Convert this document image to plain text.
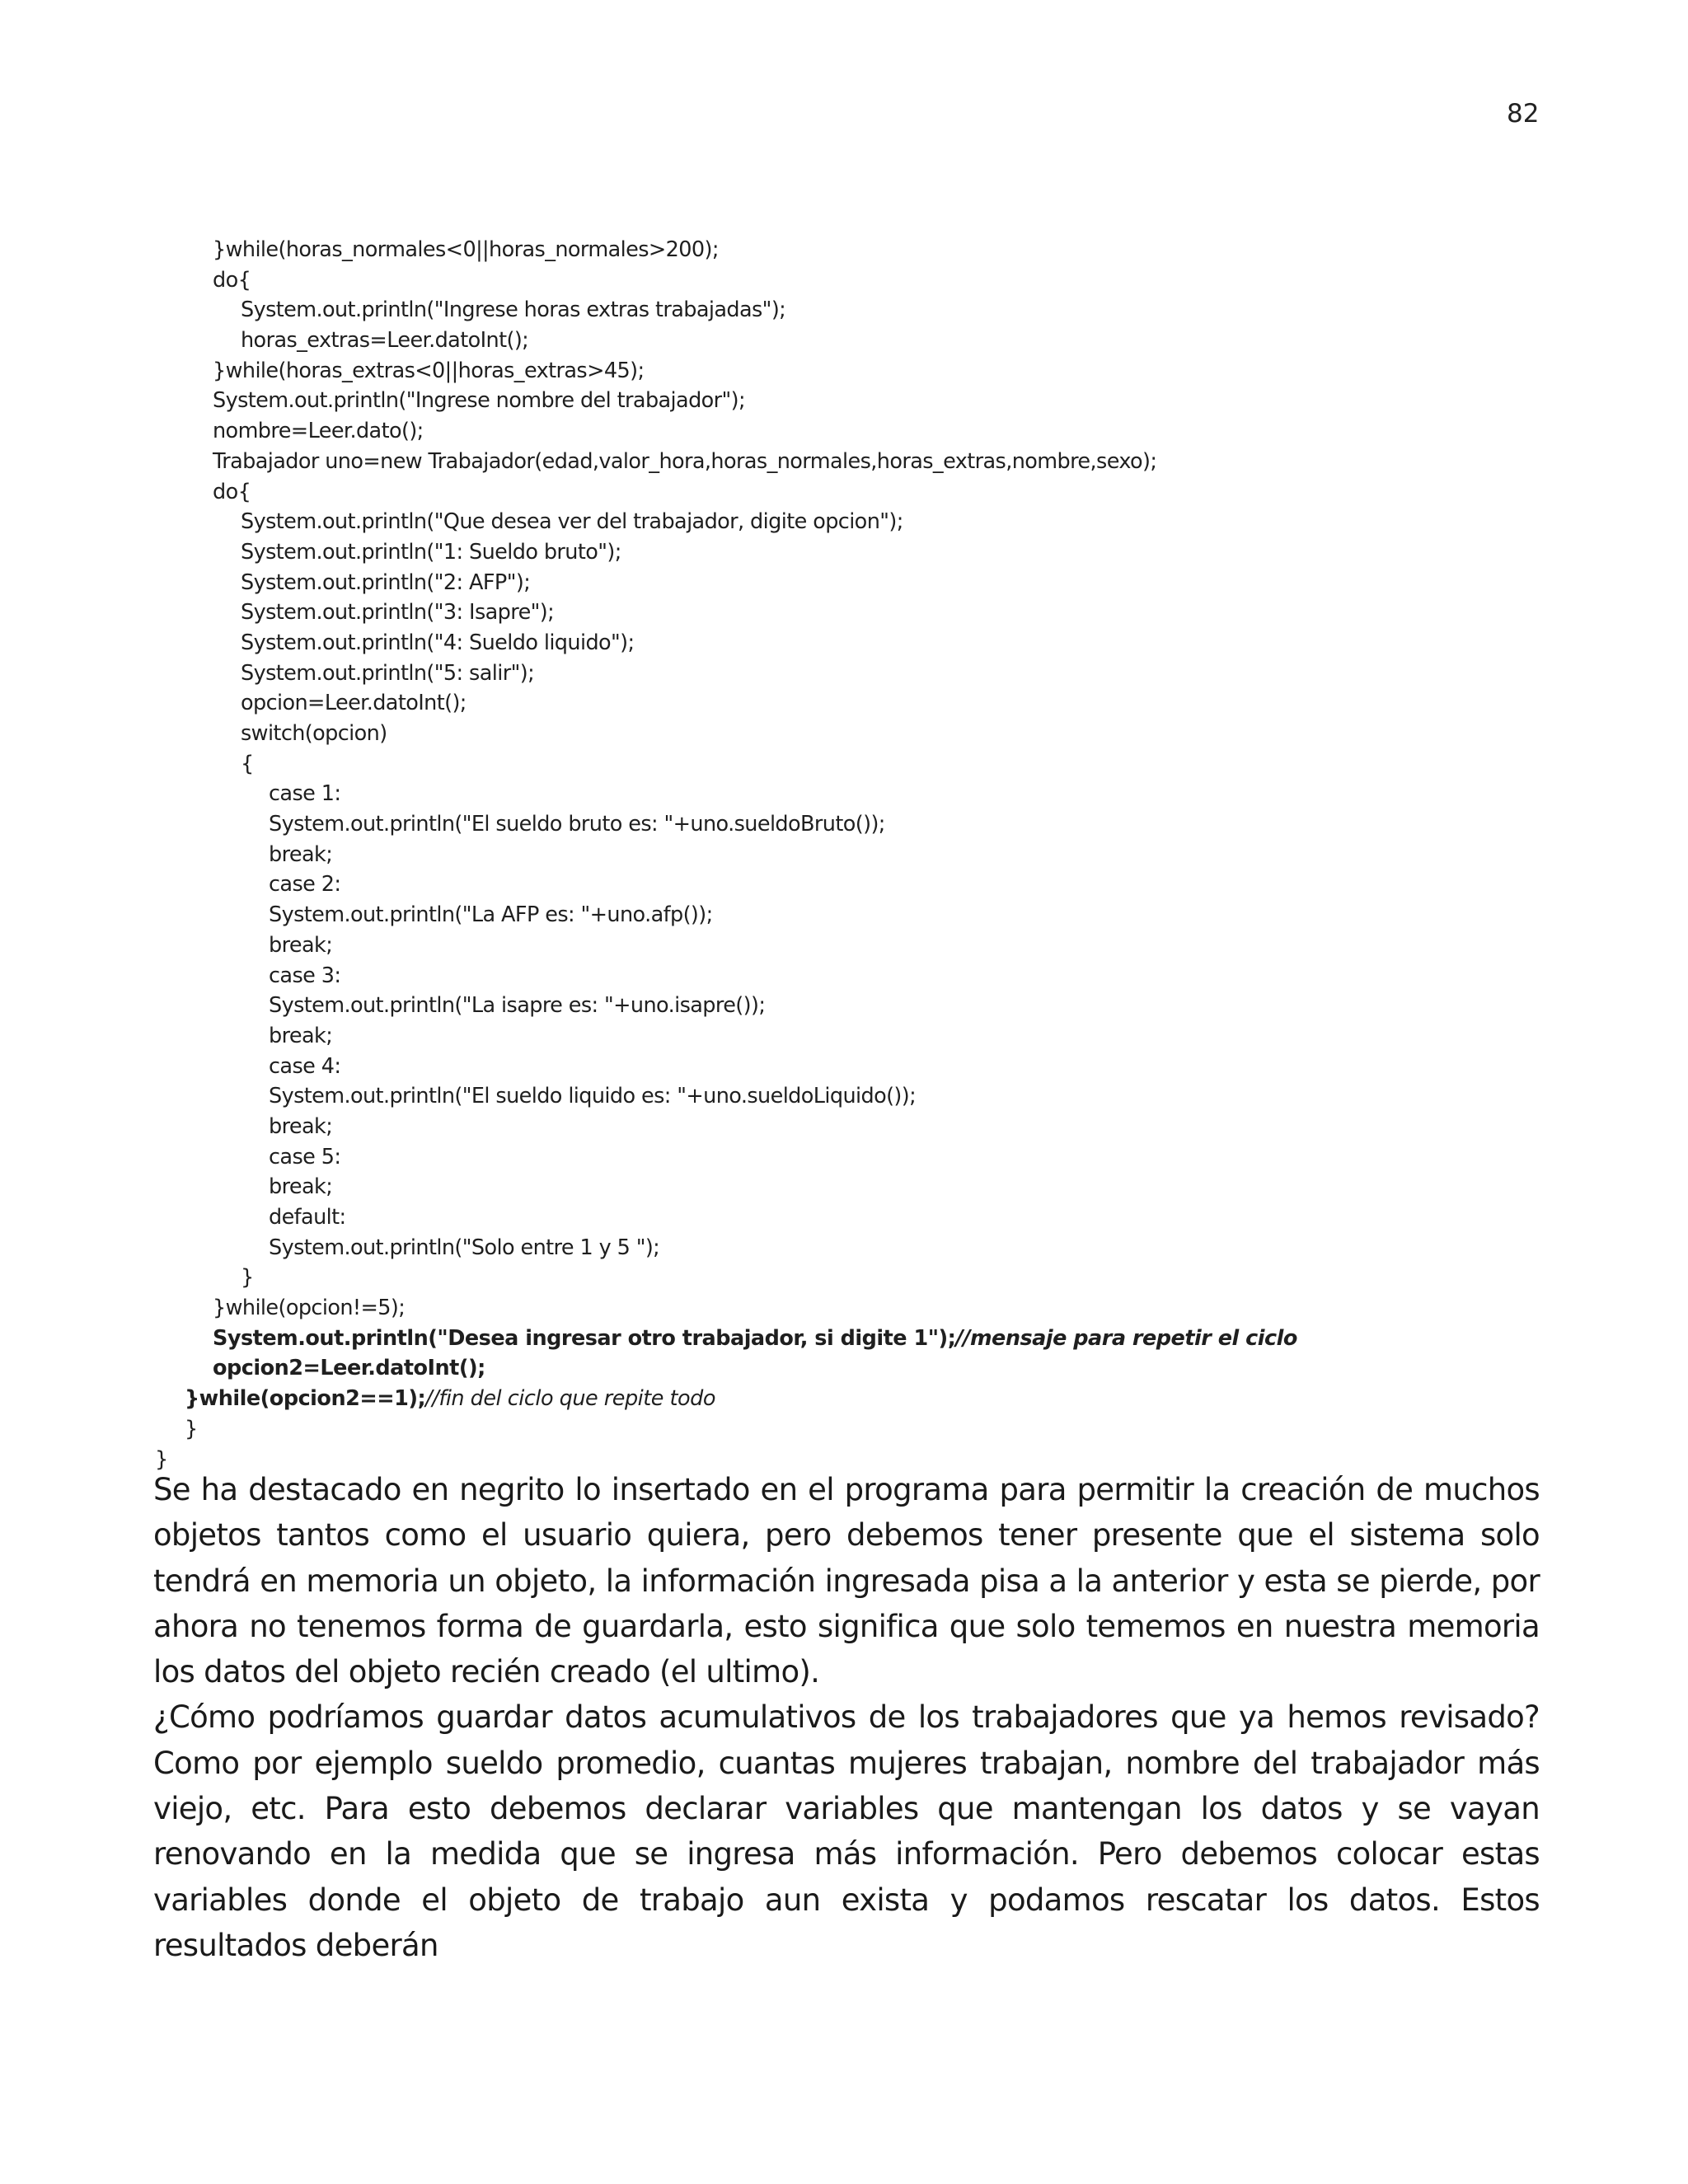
82
}while(horas_normales<0||horas_normales>200);
do{
System.out.println("Ingrese horas extras trabajadas");
horas_extras=Leer.datoInt();
}while(horas_extras<0||horas_extras>45);
System.out.println("Ingrese nombre del trabajador");
nombre=Leer.dato();
Trabajador uno=new Trabajador(edad,valor_hora,horas_normales,horas_extras,nombre,sexo);
do{
System.out.println("Que desea ver del trabajador, digite opcion");
System.out.println("1: Sueldo bruto");
System.out.println("2: AFP");
System.out.println("3: Isapre");
System.out.println("4: Sueldo liquido");
System.out.println("5: salir");
opcion=Leer.datoInt();
switch(opcion)
{
case 1:
System.out.println("El sueldo bruto es: "+uno.sueldoBruto());
break;
case 2:
System.out.println("La AFP es: "+uno.afp());
break;
case 3:
System.out.println("La isapre es: "+uno.isapre());
break;
case 4:
System.out.println("El sueldo liquido es: "+uno.sueldoLiquido());
break;
case 5:
break;
default:
System.out.println("Solo entre 1 y 5 ");
}
}while(opcion!=5);
System.out.println("Desea ingresar otro trabajador, si digite 1");//mensaje para repetir el ciclo
opcion2=Leer.datoInt();
}while(opcion2==1);//fin del ciclo que repite todo
}
}

Se ha destacado en negrito lo insertado en el programa para permitir la creación de muchos objetos tantos como el usuario quiera, pero debemos tener presente que el sistema solo tendrá en memoria un objeto, la información ingresada pisa a la anterior y esta se pierde, por ahora no tenemos forma de guardarla, esto significa que solo tememos en nuestra memoria los datos del objeto recién creado (el ultimo).

¿Cómo podríamos guardar datos acumulativos de los trabajadores que ya hemos revisado? Como por ejemplo sueldo promedio, cuantas mujeres trabajan, nombre del trabajador más viejo, etc. Para esto debemos declarar variables que mantengan los datos y se vayan renovando en la medida que se ingresa más información. Pero debemos colocar estas variables donde el objeto de trabajo aun exista y podamos rescatar los datos. Estos resultados deberán
